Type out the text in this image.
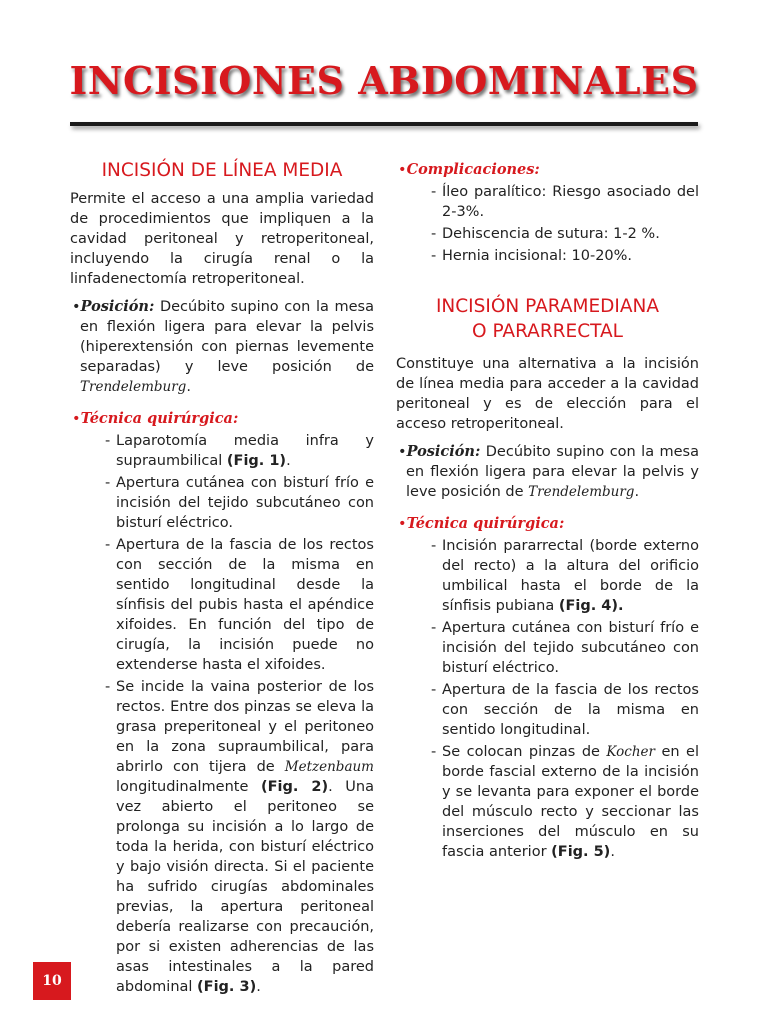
INCISIONES ABDOMINALES
INCISIÓN DE LÍNEA MEDIA

Permite el acceso a una amplia variedad de procedimientos que impliquen a la cavidad peritoneal y retroperitoneal, incluyendo la cirugía renal o la linfadenectomía retroperitoneal.

•Posición: Decúbito supino con la mesa en flexión ligera para elevar la pelvis (hiperextensión con piernas levemente separadas) y leve posición de Trendelemburg.
•Técnica quirúrgica:
- Laparotomía media infra y supraumbilical (Fig. 1).
- Apertura cutánea con bisturí frío e incisión del tejido subcutáneo con bisturí eléctrico.
- Apertura de la fascia de los rectos con sección de la misma en sentido longitudinal desde la sínfisis del pubis hasta el apéndice xifoides. En función del tipo de cirugía, la incisión puede no extenderse hasta el xifoides.
- Se incide la vaina posterior de los rectos. Entre dos pinzas se eleva la grasa preperitoneal y el peritoneo en la zona supraumbilical, para abrirlo con tijera de Metzenbaum longitudinalmente (Fig. 2). Una vez abierto el peritoneo se prolonga su incisión a lo largo de toda la herida, con bisturí eléctrico y bajo visión directa. Si el paciente ha sufrido cirugías abdominales previas, la apertura peritoneal debería realizarse con precaución, por si existen adherencias de las asas intestinales a la pared abdominal (Fig. 3).
•Complicaciones:
- Íleo paralítico: Riesgo asociado del 2-3%.
- Dehiscencia de sutura: 1-2 %.
- Hernia incisional: 10-20%.
INCISIÓN PARAMEDIANA
O PARARRECTAL

Constituye una alternativa a la incisión de línea media para acceder a la cavidad peritoneal y es de elección para el acceso retroperitoneal.

•Posición: Decúbito supino con la mesa en flexión ligera para elevar la pelvis y leve posición de Trendelemburg.
•Técnica quirúrgica:
- Incisión pararrectal (borde externo del recto) a la altura del orificio umbilical hasta el borde de la sínfisis pubiana (Fig. 4).
- Apertura cutánea con bisturí frío e incisión del tejido subcutáneo con bisturí eléctrico.
- Apertura de la fascia de los rectos con sección de la misma en sentido longitudinal.
- Se colocan pinzas de Kocher en el borde fascial externo de la incisión y se levanta para exponer el borde del músculo recto y seccionar las inserciones del músculo en su fascia anterior (Fig. 5).
10
